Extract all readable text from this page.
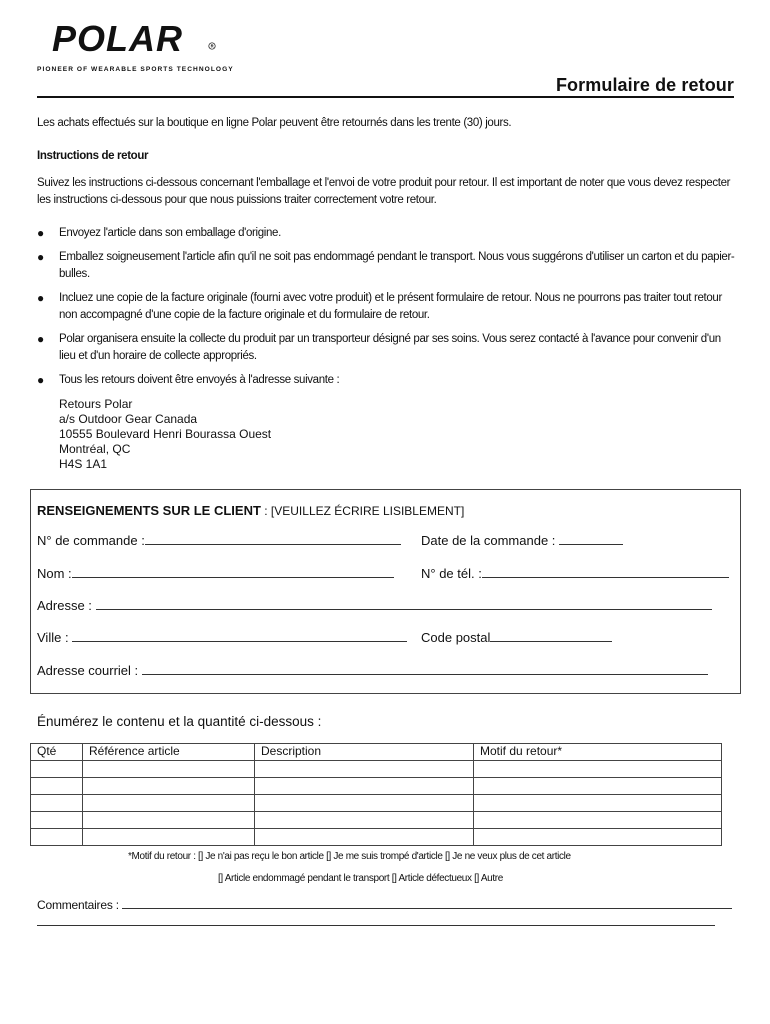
POLAR	R
PIONEER OF WEARABLE SPORTS TECHNOLOGY
Formulaire de retour
Les achats effectués sur la boutique en ligne Polar peuvent être retournés dans les trente (30) jours.
Instructions de retour
Suivez les instructions ci-dessous concernant l'emballage et l'envoi de votre produit pour retour. Il est important de noter que vous devez respecter les instructions ci-dessous pour que nous puissions traiter correctement votre retour.
● Envoyez l'article dans son emballage d'origine.
● Emballez soigneusement l'article afin qu'il ne soit pas endommagé pendant le transport. Nous vous suggérons d'utiliser un carton et du papier-bulles.
● Incluez une copie de la facture originale (fourni avec votre produit) et le présent formulaire de retour. Nous ne pourrons pas traiter tout retour non accompagné d'une copie de la facture originale et du formulaire de retour.
● Polar organisera ensuite la collecte du produit par un transporteur désigné par ses soins. Vous serez contacté à l'avance pour convenir d'un lieu et d'un horaire de collecte appropriés.
● Tous les retours doivent être envoyés à l'adresse suivante :
Retours Polar
a/s Outdoor Gear Canada
10555 Boulevard Henri Bourassa Ouest
Montréal, QC
H4S 1A1
RENSEIGNEMENTS SUR LE CLIENT : [VEUILLEZ ÉCRIRE LISIBLEMENT]
N° de commande :	Date de la commande :
Nom :	N° de tél. :
Adresse :
Ville :	Code postal
Adresse courriel :
Énumérez le contenu et la quantité ci-dessous :
Qté	Référence article	Description	Motif du retour*

*Motif du retour : [] Je n'ai pas reçu le bon article [] Je me suis trompé d'article [] Je ne veux plus de cet article
[] Article endommagé pendant le transport [] Article défectueux [] Autre
Commentaires :
